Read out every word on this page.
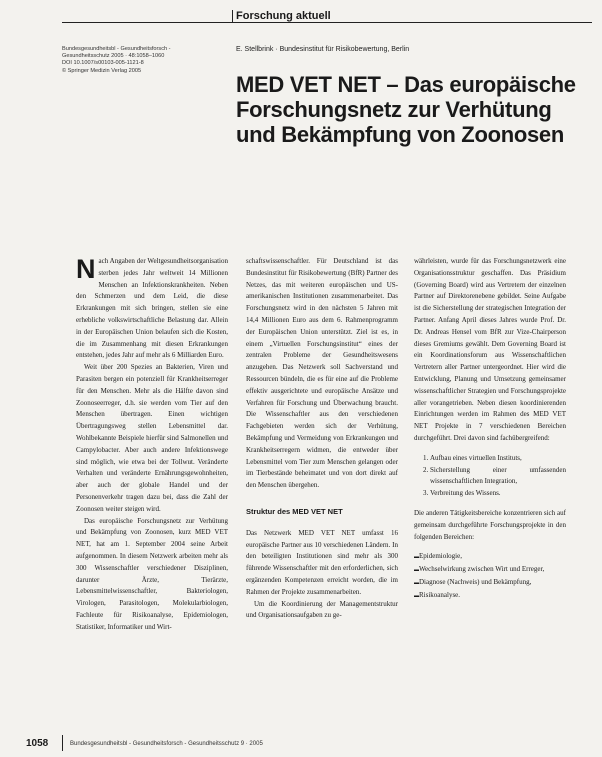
Forschung aktuell
Bundesgesundheitsbl - Gesundheitsforsch -
Gesundheitsschutz 2005 · 48:1058–1060
DOI 10.1007/s00103-005-1121-8
© Springer Medizin Verlag 2005
E. Stellbrink · Bundesinstitut für Risikobewertung, Berlin
MED VET NET – Das europäische Forschungsnetz zur Verhütung und Bekämpfung von Zoonosen

Nach Angaben der Weltgesundheitsorganisation sterben jedes Jahr weltweit 14 Millionen Menschen an Infektionskrankheiten. Neben den Schmerzen und dem Leid, die diese Erkrankungen mit sich bringen, stellen sie eine erhebliche volkswirtschaftliche Belastung dar. Allein in der Europäischen Union belaufen sich die Kosten, die im Zusammenhang mit diesen Erkrankungen entstehen, jedes Jahr auf mehr als 6 Milliarden Euro.

Weit über 200 Spezies an Bakterien, Viren und Parasiten bergen ein potenziell für Krankheitserreger für den Menschen. Mehr als die Hälfte davon sind Zoonoseerreger, d.h. sie werden vom Tier auf den Menschen übertragen. Einen wichtigen Übertragungsweg stellen Lebensmittel dar. Wohlbekannte Beispiele hierfür sind Salmonellen und Campylobacter. Aber auch andere Infektionswege sind möglich, wie etwa bei der Tollwut. Veränderte Verhalten und veränderte Ernährungsgewohnheiten, aber auch der globale Handel und der Personenverkehr tragen dazu bei, dass die Zahl der Zoonosen weiter steigen wird.

Das europäische Forschungsnetz zur Verhütung und Bekämpfung von Zoonosen, kurz MED VET NET, hat am 1. September 2004 seine Arbeit aufgenommen. In diesem Netzwerk arbeiten mehr als 300 Wissenschaftler verschiedener Disziplinen, darunter Ärzte, Tierärzte, Lebensmittelwissenschaftler, Bakteriologen, Virologen, Parasitologen, Molekularbiologen, Fachleute für Risikoanalyse, Epidemiologen, Statistiker, Informatiker und Wirt-

schaftswissenschaftler. Für Deutschland ist das Bundesinstitut für Risikobewertung (BfR) Partner des Netzes, das mit weiteren europäischen und US-amerikanischen Institutionen zusammenarbeitet. Das Forschungsnetz wird in den nächsten 5 Jahren mit 14,4 Millionen Euro aus dem 6. Rahmenprogramm der Europäischen Union unterstützt. Ziel ist es, in einem „Virtuellen Forschungsinstitut“ eines der zentralen Probleme der Gesundheitswesens anzugehen. Das Netzwerk soll Sachverstand und Ressourcen bündeln, die es für eine auf die Probleme effektiv ausgerichtete und europäische Ansätze und Verfahren für Forschung und Überwachung braucht. Die Wissenschaftler aus den verschiedenen Fachgebieten werden sich der Verhütung, Bekämpfung und Vermeidung von Erkrankungen und Krankheitserregern widmen, die entweder über Lebensmittel vom Tier zum Menschen gelangen oder im Tierbestände beheimatet und von dort direkt auf den Menschen übergehen.

Struktur des MED VET NET

Das Netzwerk MED VET NET umfasst 16 europäische Partner aus 10 verschiedenen Ländern. In den beteiligten Institutionen sind mehr als 300 führende Wissenschaftler mit den erforderlichen, sich ergänzenden Kompetenzen erreicht worden, die im Rahmen der Projekte zusammenarbeiten.

Um die Koordinierung der Managementstruktur und Organisationsaufgaben zu ge-

währleisten, wurde für das Forschungsnetzwerk eine Organisationsstruktur geschaffen. Das Präsidium (Governing Board) wird aus Vertretern der einzelnen Partner auf Direktorenebene gebildet. Seine Aufgabe ist die Sicherstellung der strategischen Integration der Partner. Anfang April dieses Jahres wurde Prof. Dr. Dr. Andreas Hensel vom BfR zur Vize-Chairperson dieses Gremiums gewählt. Dem Governing Board ist ein Koordinationsforum aus Wissenschaftlichen Vertretern aller Partner untergeordnet. Hier wird die Entwicklung, Planung und Umsetzung gemeinsamer wissenschaftlicher Strategien und Forschungsprojekte aller vorangetrieben. Neben diesen koordinierenden Einrichtungen werden im Rahmen des MED VET NET Projekte in 7 verschiedenen Bereichen durchgeführt. Drei davon sind fachübergreifend:

1. Aufbau eines virtuellen Instituts,
2. Sicherstellung einer umfassenden wissenschaftlichen Integration,
3. Verbreitung des Wissens.

Die anderen Tätigkeitsbereiche konzentrieren sich auf gemeinsam durchgeführte Forschungsprojekte in den folgenden Bereichen:

▬ Epidemiologie,
▬ Wechselwirkung zwischen Wirt und Erreger,
▬ Diagnose (Nachweis) und Bekämpfung,
▬ Risikoanalyse.
1058	Bundesgesundheitsbl - Gesundheitsforsch - Gesundheitsschutz 9 · 2005
